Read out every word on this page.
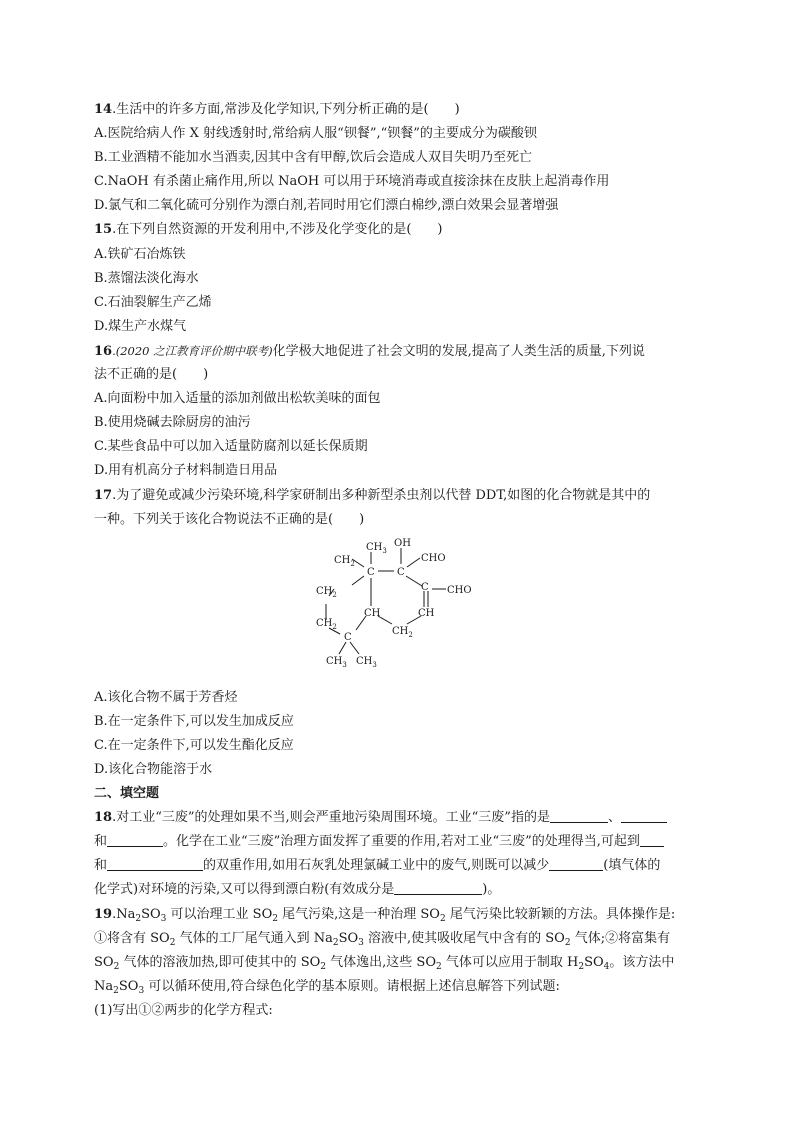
14.生活中的许多方面,常涉及化学知识,下列分析正确的是(　　)
A.医院给病人作 X 射线透射时,常给病人服“钡餐”,“钡餐”的主要成分为碳酸钡
B.工业酒精不能加水当酒卖,因其中含有甲醇,饮后会造成人双目失明乃至死亡
C.NaOH 有杀菌止痛作用,所以 NaOH 可以用于环境消毒或直接涂抹在皮肤上起消毒作用
D.氯气和二氧化硫可分别作为漂白剂,若同时用它们漂白棉纱,漂白效果会显著增强
15.在下列自然资源的开发利用中,不涉及化学变化的是(　　)
A.铁矿石冶炼铁
B.蒸馏法淡化海水
C.石油裂解生产乙烯
D.煤生产水煤气
16.(2020 之江教育评价期中联考)化学极大地促进了社会文明的发展,提高了人类生活的质量,下列说
法不正确的是(　　)
A.向面粉中加入适量的添加剂做出松软美味的面包
B.使用烧碱去除厨房的油污
C.某些食品中可以加入适量防腐剂以延长保质期
D.用有机高分子材料制造日用品
17.为了避免或减少污染环境,科学家研制出多种新型杀虫剂以代替 DDT,如图的化合物就是其中的
一种。下列关于该化合物说法不正确的是(　　)
OH
CHO
CHO
$CH_3$
C
C
C
$CH_2$
$CH_2$
$CH_2$	$CH_2$
CH	CH
C
$CH_3$ $CH_3$
A.该化合物不属于芳香烃
B.在一定条件下,可以发生加成反应
C.在一定条件下,可以发生酯化反应
D.该化合物能溶于水
二、填空题
18.对工业“三废”的处理如果不当,则会严重地污染周围环境。工业“三废”指的是	、
和	。化学在工业“三废”治理方面发挥了重要的作用,若对工业“三废”的处理得当,可起到
和	的双重作用,如用石灰乳处理氯碱工业中的废气,则既可以减少	(填气体的
化学式)对环境的污染,又可以得到漂白粉(有效成分是	)。
$19.Na_2SO_3$ 可以治理工业 $SO_2$ 尾气污染,这是一种治理 $SO_2$ 尾气污染比较新颖的方法。具体操作是:
①将含有 $SO_2$ 气体的工厂尾气通入到 $Na_2SO_3$ 溶液中,使其吸收尾气中含有的 $SO_2$ 气体;②将富集有
$SO_2$ 气体的溶液加热,即可使其中的 $SO_2$ 气体逸出,这些 $SO_2$ 气体可以应用于制取 $H_2SO_4$。该方法中
$Na_2SO_3$ 可以循环使用,符合绿色化学的基本原则。请根据上述信息解答下列试题:
(1)写出①②两步的化学方程式:
